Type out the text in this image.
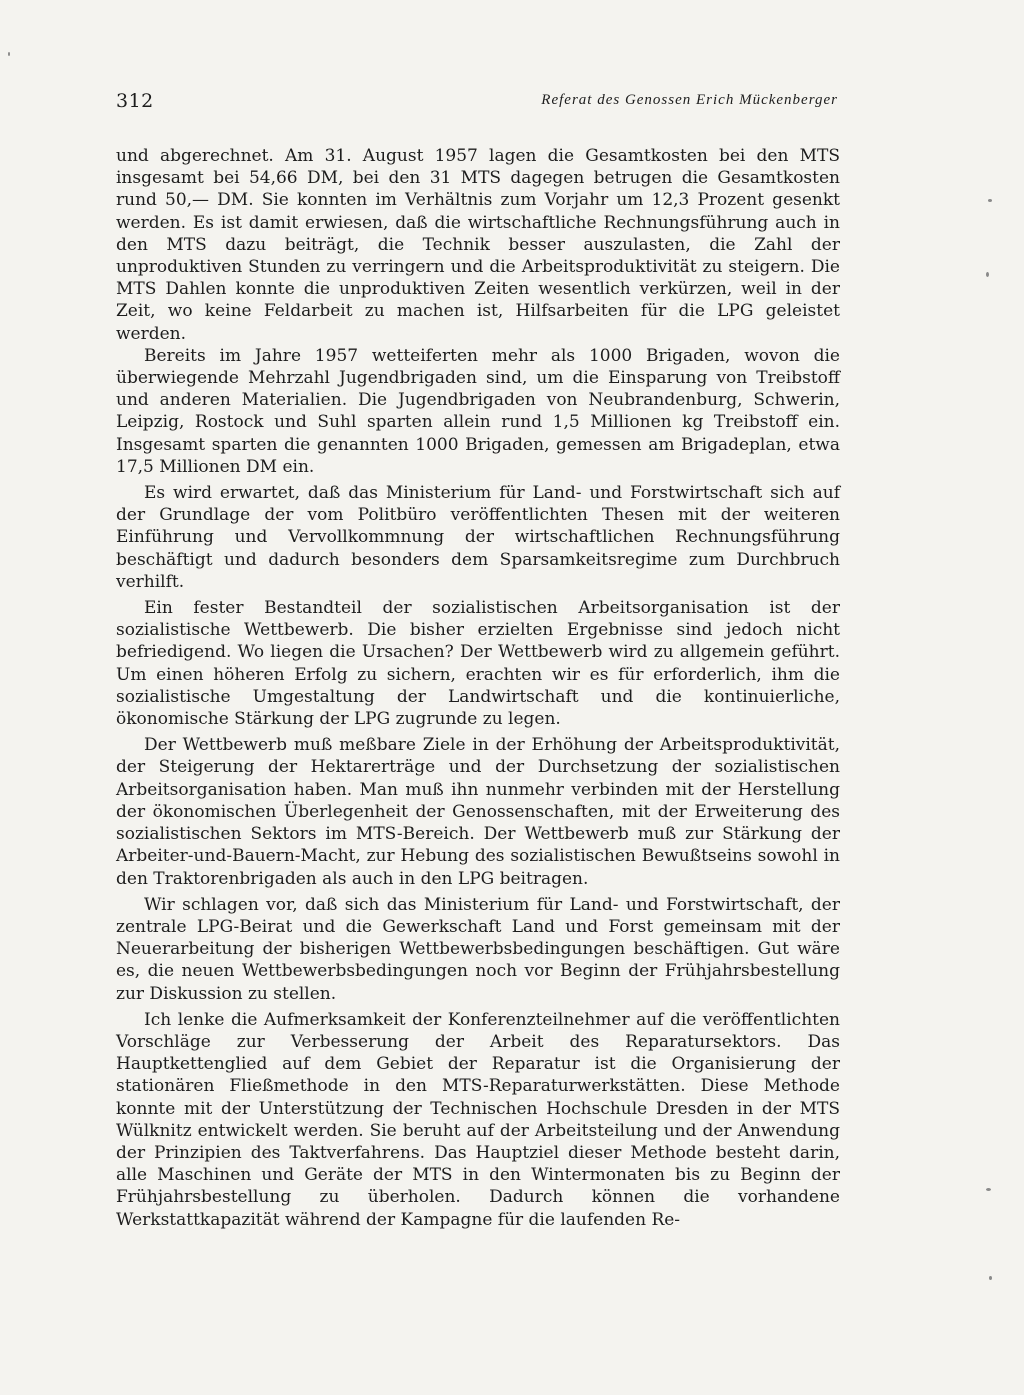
312	Referat des Genossen Erich Mückenberger

und abgerechnet. Am 31. August 1957 lagen die Gesamtkosten bei den MTS insgesamt bei 54,66 DM, bei den 31 MTS dagegen betrugen die Gesamtkosten rund 50,— DM. Sie konnten im Verhältnis zum Vorjahr um 12,3 Prozent gesenkt werden. Es ist damit erwiesen, daß die wirtschaftliche Rechnungsführung auch in den MTS dazu beiträgt, die Technik besser auszulasten, die Zahl der unproduktiven Stunden zu verringern und die Arbeitsproduktivität zu steigern. Die MTS Dahlen konnte die unproduktiven Zeiten wesentlich verkürzen, weil in der Zeit, wo keine Feldarbeit zu machen ist, Hilfsarbeiten für die LPG geleistet werden.

Bereits im Jahre 1957 wetteiferten mehr als 1000 Brigaden, wovon die überwiegende Mehrzahl Jugendbrigaden sind, um die Einsparung von Treibstoff und anderen Materialien. Die Jugendbrigaden von Neubrandenburg, Schwerin, Leipzig, Rostock und Suhl sparten allein rund 1,5 Millionen kg Treibstoff ein. Insgesamt sparten die genannten 1000 Brigaden, gemessen am Brigadeplan, etwa 17,5 Millionen DM ein.

Es wird erwartet, daß das Ministerium für Land- und Forstwirtschaft sich auf der Grundlage der vom Politbüro veröffentlichten Thesen mit der weiteren Einführung und Vervollkommnung der wirtschaftlichen Rechnungsführung beschäftigt und dadurch besonders dem Sparsamkeitsregime zum Durchbruch verhilft.

Ein fester Bestandteil der sozialistischen Arbeitsorganisation ist der sozialistische Wettbewerb. Die bisher erzielten Ergebnisse sind jedoch nicht befriedigend. Wo liegen die Ursachen? Der Wettbewerb wird zu allgemein geführt. Um einen höheren Erfolg zu sichern, erachten wir es für erforderlich, ihm die sozialistische Umgestaltung der Landwirtschaft und die kontinuierliche, ökonomische Stärkung der LPG zugrunde zu legen.

Der Wettbewerb muß meßbare Ziele in der Erhöhung der Arbeitsproduktivität, der Steigerung der Hektarerträge und der Durchsetzung der sozialistischen Arbeitsorganisation haben. Man muß ihn nunmehr verbinden mit der Herstellung der ökonomischen Überlegenheit der Genossenschaften, mit der Erweiterung des sozialistischen Sektors im MTS-Bereich. Der Wettbewerb muß zur Stärkung der Arbeiter-und-Bauern-Macht, zur Hebung des sozialistischen Bewußtseins sowohl in den Traktorenbrigaden als auch in den LPG beitragen.

Wir schlagen vor, daß sich das Ministerium für Land- und Forstwirtschaft, der zentrale LPG-Beirat und die Gewerkschaft Land und Forst gemeinsam mit der Neuerarbeitung der bisherigen Wettbewerbsbedingungen beschäftigen. Gut wäre es, die neuen Wettbewerbsbedingungen noch vor Beginn der Frühjahrsbestellung zur Diskussion zu stellen.

Ich lenke die Aufmerksamkeit der Konferenzteilnehmer auf die veröffentlichten Vorschläge zur Verbesserung der Arbeit des Reparatursektors. Das Hauptkettenglied auf dem Gebiet der Reparatur ist die Organisierung der stationären Fließmethode in den MTS-Reparaturwerkstätten. Diese Methode konnte mit der Unterstützung der Technischen Hochschule Dresden in der MTS Wülknitz entwickelt werden. Sie beruht auf der Arbeitsteilung und der Anwendung der Prinzipien des Taktverfahrens. Das Hauptziel dieser Methode besteht darin, alle Maschinen und Geräte der MTS in den Wintermonaten bis zu Beginn der Frühjahrsbestellung zu überholen. Dadurch können die vorhandene Werkstattkapazität während der Kampagne für die laufenden Re-
